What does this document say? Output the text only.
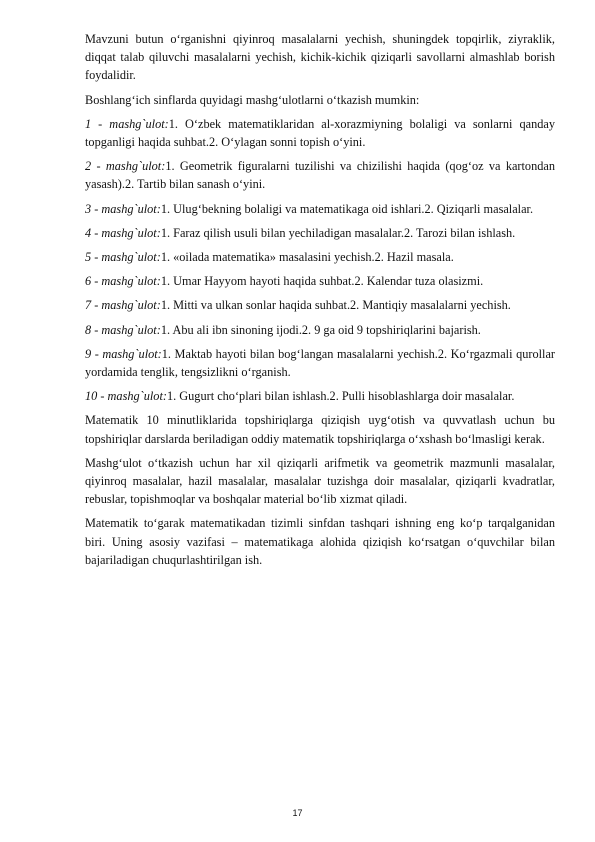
Mavzuni butun o‘rganishni qiyinroq masalalarni yechish, shuningdek topqirlik, ziyraklik, diqqat talab qiluvchi masalalarni yechish, kichik-kichik qiziqarli savollarni almashlab borish foydalidir.

Boshlang‘ich sinflarda quyidagi mashg‘ulotlarni o‘tkazish mumkin:

1 - mashg`ulot:1. O‘zbek matematiklaridan al-xorazmiyning bolaligi va sonlarni qanday topganligi haqida suhbat.2. O‘ylagan sonni topish o‘yini.

2 - mashg`ulot:1. Geometrik figuralarni tuzilishi va chizilishi haqida (qog‘oz va kartondan yasash).2. Tartib bilan sanash o‘yini.

3 - mashg`ulot:1. Ulug‘bekning bolaligi va matematikaga oid ishlari.2. Qiziqarli masalalar.

4 - mashg`ulot:1. Faraz qilish usuli bilan yechiladigan masalalar.2. Tarozi bilan ishlash.

5 - mashg`ulot:1. «oilada matematika» masalasini yechish.2. Hazil masala.

6 - mashg`ulot:1. Umar Hayyom hayoti haqida suhbat.2. Kalendar tuza olasizmi.

7 - mashg`ulot:1. Mitti va ulkan sonlar haqida suhbat.2. Mantiqiy masalalarni yechish.

8 - mashg`ulot:1. Abu ali ibn sinoning ijodi.2. 9 ga oid 9 topshiriqlarini bajarish.

9 - mashg`ulot:1. Maktab hayoti bilan bog‘langan masalalarni yechish.2. Ko‘rgazmali qurollar yordamida tenglik, tengsizlikni o‘rganish.

10 - mashg`ulot:1. Gugurt cho‘plari bilan ishlash.2. Pulli hisoblashlarga doir masalalar.

Matematik 10 minutliklarida topshiriqlarga qiziqish uyg‘otish va quvvatlash uchun bu topshiriqlar darslarda beriladigan oddiy matematik topshiriqlarga o‘xshash bo‘lmasligi kerak.

Mashg‘ulot o‘tkazish uchun har xil qiziqarli arifmetik va geometrik mazmunli masalalar, qiyinroq masalalar, hazil masalalar, masalalar tuzishga doir masalalar, qiziqarli kvadratlar, rebuslar, topishmoqlar va boshqalar material bo‘lib xizmat qiladi.

Matematik to‘garak matematikadan tizimli sinfdan tashqari ishning eng ko‘p tarqalganidan biri. Uning asosiy vazifasi – matematikaga alohida qiziqish ko‘rsatgan o‘quvchilar bilan bajariladigan chuqurlashtirilgan ish.

17
